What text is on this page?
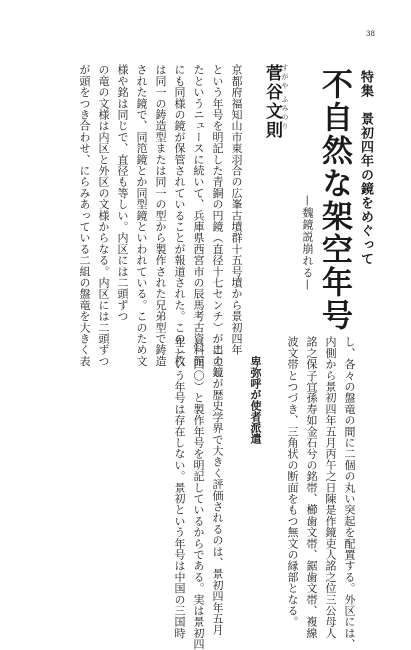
38
特集　景初四年の鏡をめぐって
不自然な架空年号
—魏鏡説崩れる—
すがや ふみのり
菅谷文則
京都府福知山市東羽合の広峯古墳群十五号墳から景初四年
という年号を明記した青銅の円鏡（直径十七センチ）が出土し
たというニュースに続いて、兵庫県西宮市の辰馬考古資料館
にも同様の鏡が保管されていることが報道された。この二枚
は同一の鋳造型または同一の型から製作された兄弟型で鋳造
された鏡で、同笵鏡とか同型鏡といわれている。このため文
様や銘は同じで、直径も等しい。内区には二頭ずつ
の竜の文様は内区と外区の文様からなる。内区には二頭ずつ
が頭をつき合わせ、にらみあっている二組の盤竜を大きく表
し、各々の盤竜の間に二個の丸い突起を配置する。外区には、
内側から景初四年五月丙午之日陳是作鏡吏人詺之位三公母人
詺之保子宜孫寿如金石兮の銘帯、櫛歯文帯、鋸歯文帯、複線
波文帯とつづき、三角状の断面をもつ無文の縁部となる。
卑弥呼が使者派遣
この鏡が歴史学界で大きく評価されるのは、景初四年五月
（二四〇）と製作年号を明記しているからである。実は景初四
年という年号は存在しない。景初という年号は中国の三国時
